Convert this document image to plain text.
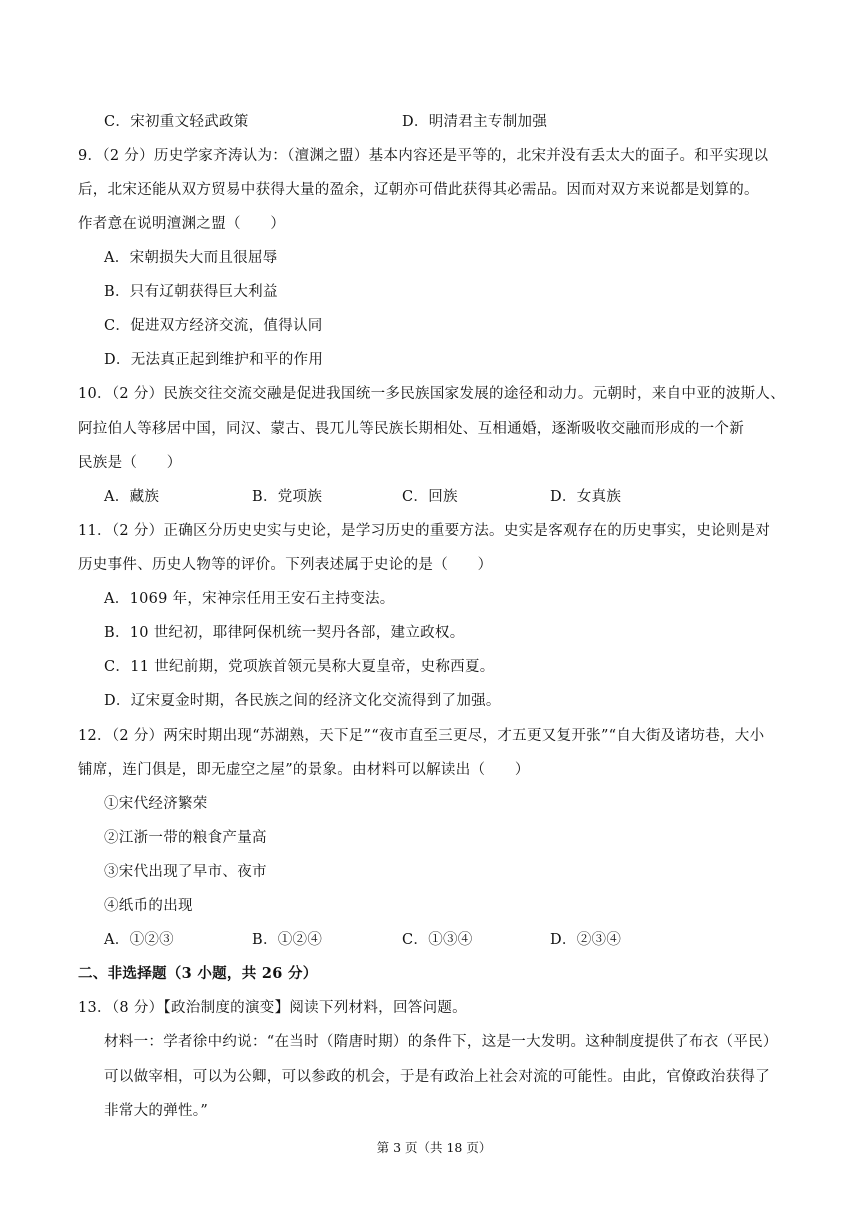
C．宋初重文轻武政策	D．明清君主专制加强
9．（2 分）历史学家齐涛认为：（澶渊之盟）基本内容还是平等的，北宋并没有丢太大的面子。和平实现以
后，北宋还能从双方贸易中获得大量的盈余，辽朝亦可借此获得其必需品。因而对双方来说都是划算的。
作者意在说明澶渊之盟（　　）
A．宋朝损失大而且很屈辱
B．只有辽朝获得巨大利益
C．促进双方经济交流，值得认同
D．无法真正起到维护和平的作用
10．（2 分）民族交往交流交融是促进我国统一多民族国家发展的途径和动力。元朝时，来自中亚的波斯人、
阿拉伯人等移居中国，同汉、蒙古、畏兀儿等民族长期相处、互相通婚，逐渐吸收交融而形成的一个新
民族是（　　）
A．藏族	B．党项族	C．回族	D．女真族
11．（2 分）正确区分历史史实与史论，是学习历史的重要方法。史实是客观存在的历史事实，史论则是对
历史事件、历史人物等的评价。下列表述属于史论的是（　　）
A．1069 年，宋神宗任用王安石主持变法。
B．10 世纪初，耶律阿保机统一契丹各部，建立政权。
C．11 世纪前期，党项族首领元昊称大夏皇帝，史称西夏。
D．辽宋夏金时期，各民族之间的经济文化交流得到了加强。
12．（2 分）两宋时期出现“苏湖熟，天下足”“夜市直至三更尽，才五更又复开张”“自大街及诸坊巷，大小
铺席，连门俱是，即无虚空之屋”的景象。由材料可以解读出（　　）
①宋代经济繁荣
②江浙一带的粮食产量高
③宋代出现了早市、夜市
④纸币的出现
A．①②③	B．①②④	C．①③④	D．②③④
二、非选择题（3 小题，共 26 分）
13．（8 分）【政治制度的演变】阅读下列材料，回答问题。
材料一：学者徐中约说：“在当时（隋唐时期）的条件下，这是一大发明。这种制度提供了布衣（平民）
可以做宰相，可以为公卿，可以参政的机会，于是有政治上社会对流的可能性。由此，官僚政治获得了
非常大的弹性。”
第 3 页（共 18 页）
